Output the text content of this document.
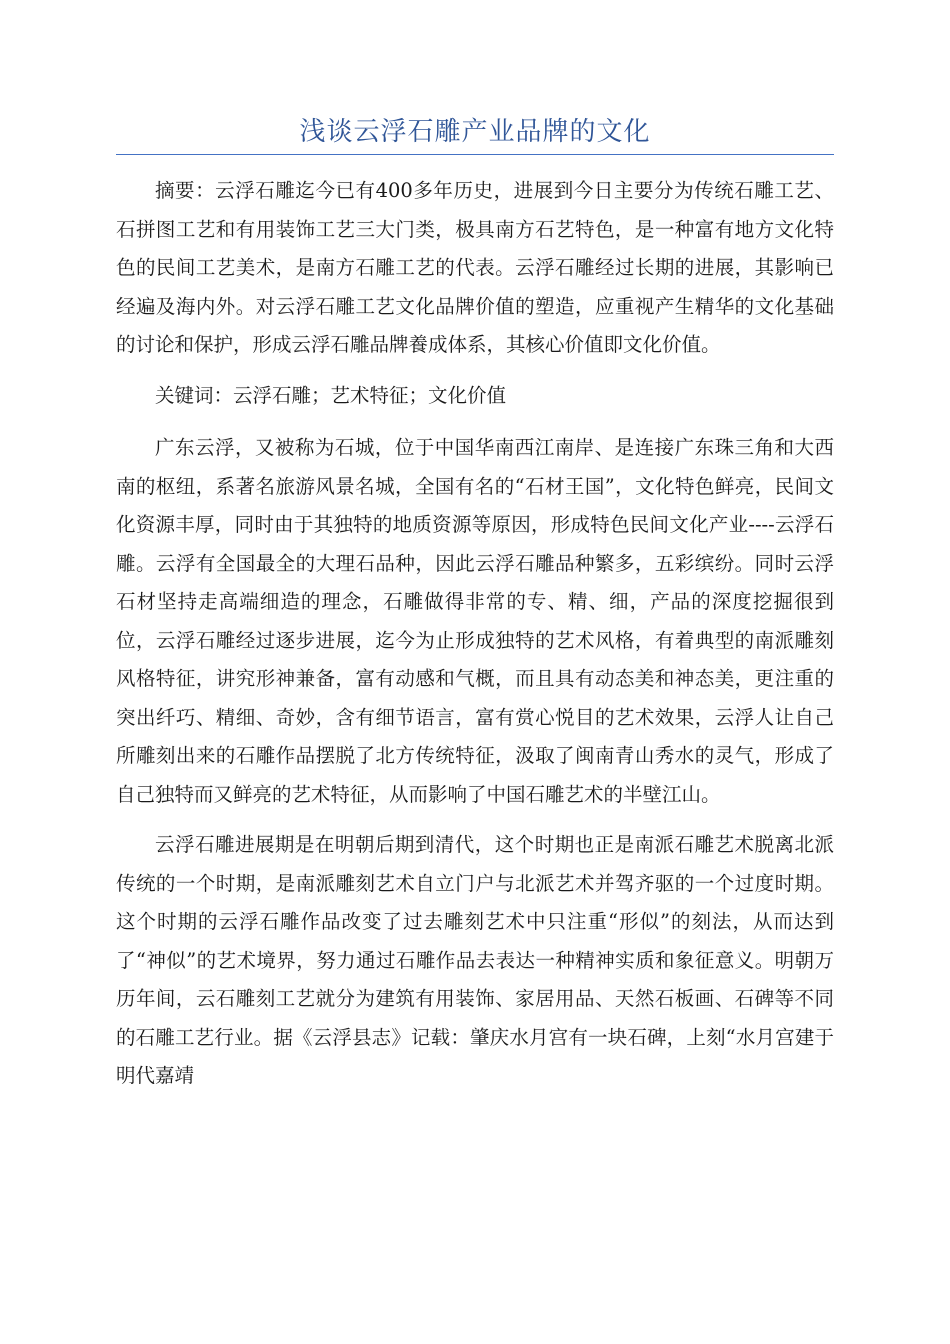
浅谈云浮石雕产业品牌的文化

摘要：云浮石雕迄今已有400多年历史，进展到今日主要分为传统石雕工艺、石拼图工艺和有用装饰工艺三大门类，极具南方石艺特色，是一种富有地方文化特色的民间工艺美术，是南方石雕工艺的代表。云浮石雕经过长期的进展，其影响已经遍及海内外。对云浮石雕工艺文化品牌价值的塑造，应重视产生精华的文化基础的讨论和保护，形成云浮石雕品牌養成体系，其核心价值即文化价值。

关键词：云浮石雕；艺术特征；文化价值

广东云浮，又被称为石城，位于中国华南西江南岸、是连接广东珠三角和大西南的枢纽，系著名旅游风景名城，全国有名的“石材王国”，文化特色鲜亮，民间文化资源丰厚，同时由于其独特的地质资源等原因，形成特色民间文化产业----云浮石雕。云浮有全国最全的大理石品种，因此云浮石雕品种繁多，五彩缤纷。同时云浮石材坚持走高端细造的理念，石雕做得非常的专、精、细，产品的深度挖掘很到位，云浮石雕经过逐步进展，迄今为止形成独特的艺术风格，有着典型的南派雕刻风格特征，讲究形神兼备，富有动感和气概，而且具有动态美和神态美，更注重的突出纤巧、精细、奇妙，含有细节语言，富有赏心悦目的艺术效果，云浮人让自己所雕刻出来的石雕作品摆脱了北方传统特征，汲取了闽南青山秀水的灵气，形成了自己独特而又鲜亮的艺术特征，从而影响了中国石雕艺术的半壁江山。

云浮石雕进展期是在明朝后期到清代，这个时期也正是南派石雕艺术脱离北派传统的一个时期，是南派雕刻艺术自立门户与北派艺术并驾齐驱的一个过度时期。这个时期的云浮石雕作品改变了过去雕刻艺术中只注重“形似”的刻法，从而达到了“神似”的艺术境界，努力通过石雕作品去表达一种精神实质和象征意义。明朝万历年间，云石雕刻工艺就分为建筑有用装饰、家居用品、天然石板画、石碑等不同的石雕工艺行业。据《云浮县志》记载：肇庆水月宫有一块石碑，上刻“水月宫建于明代嘉靖
